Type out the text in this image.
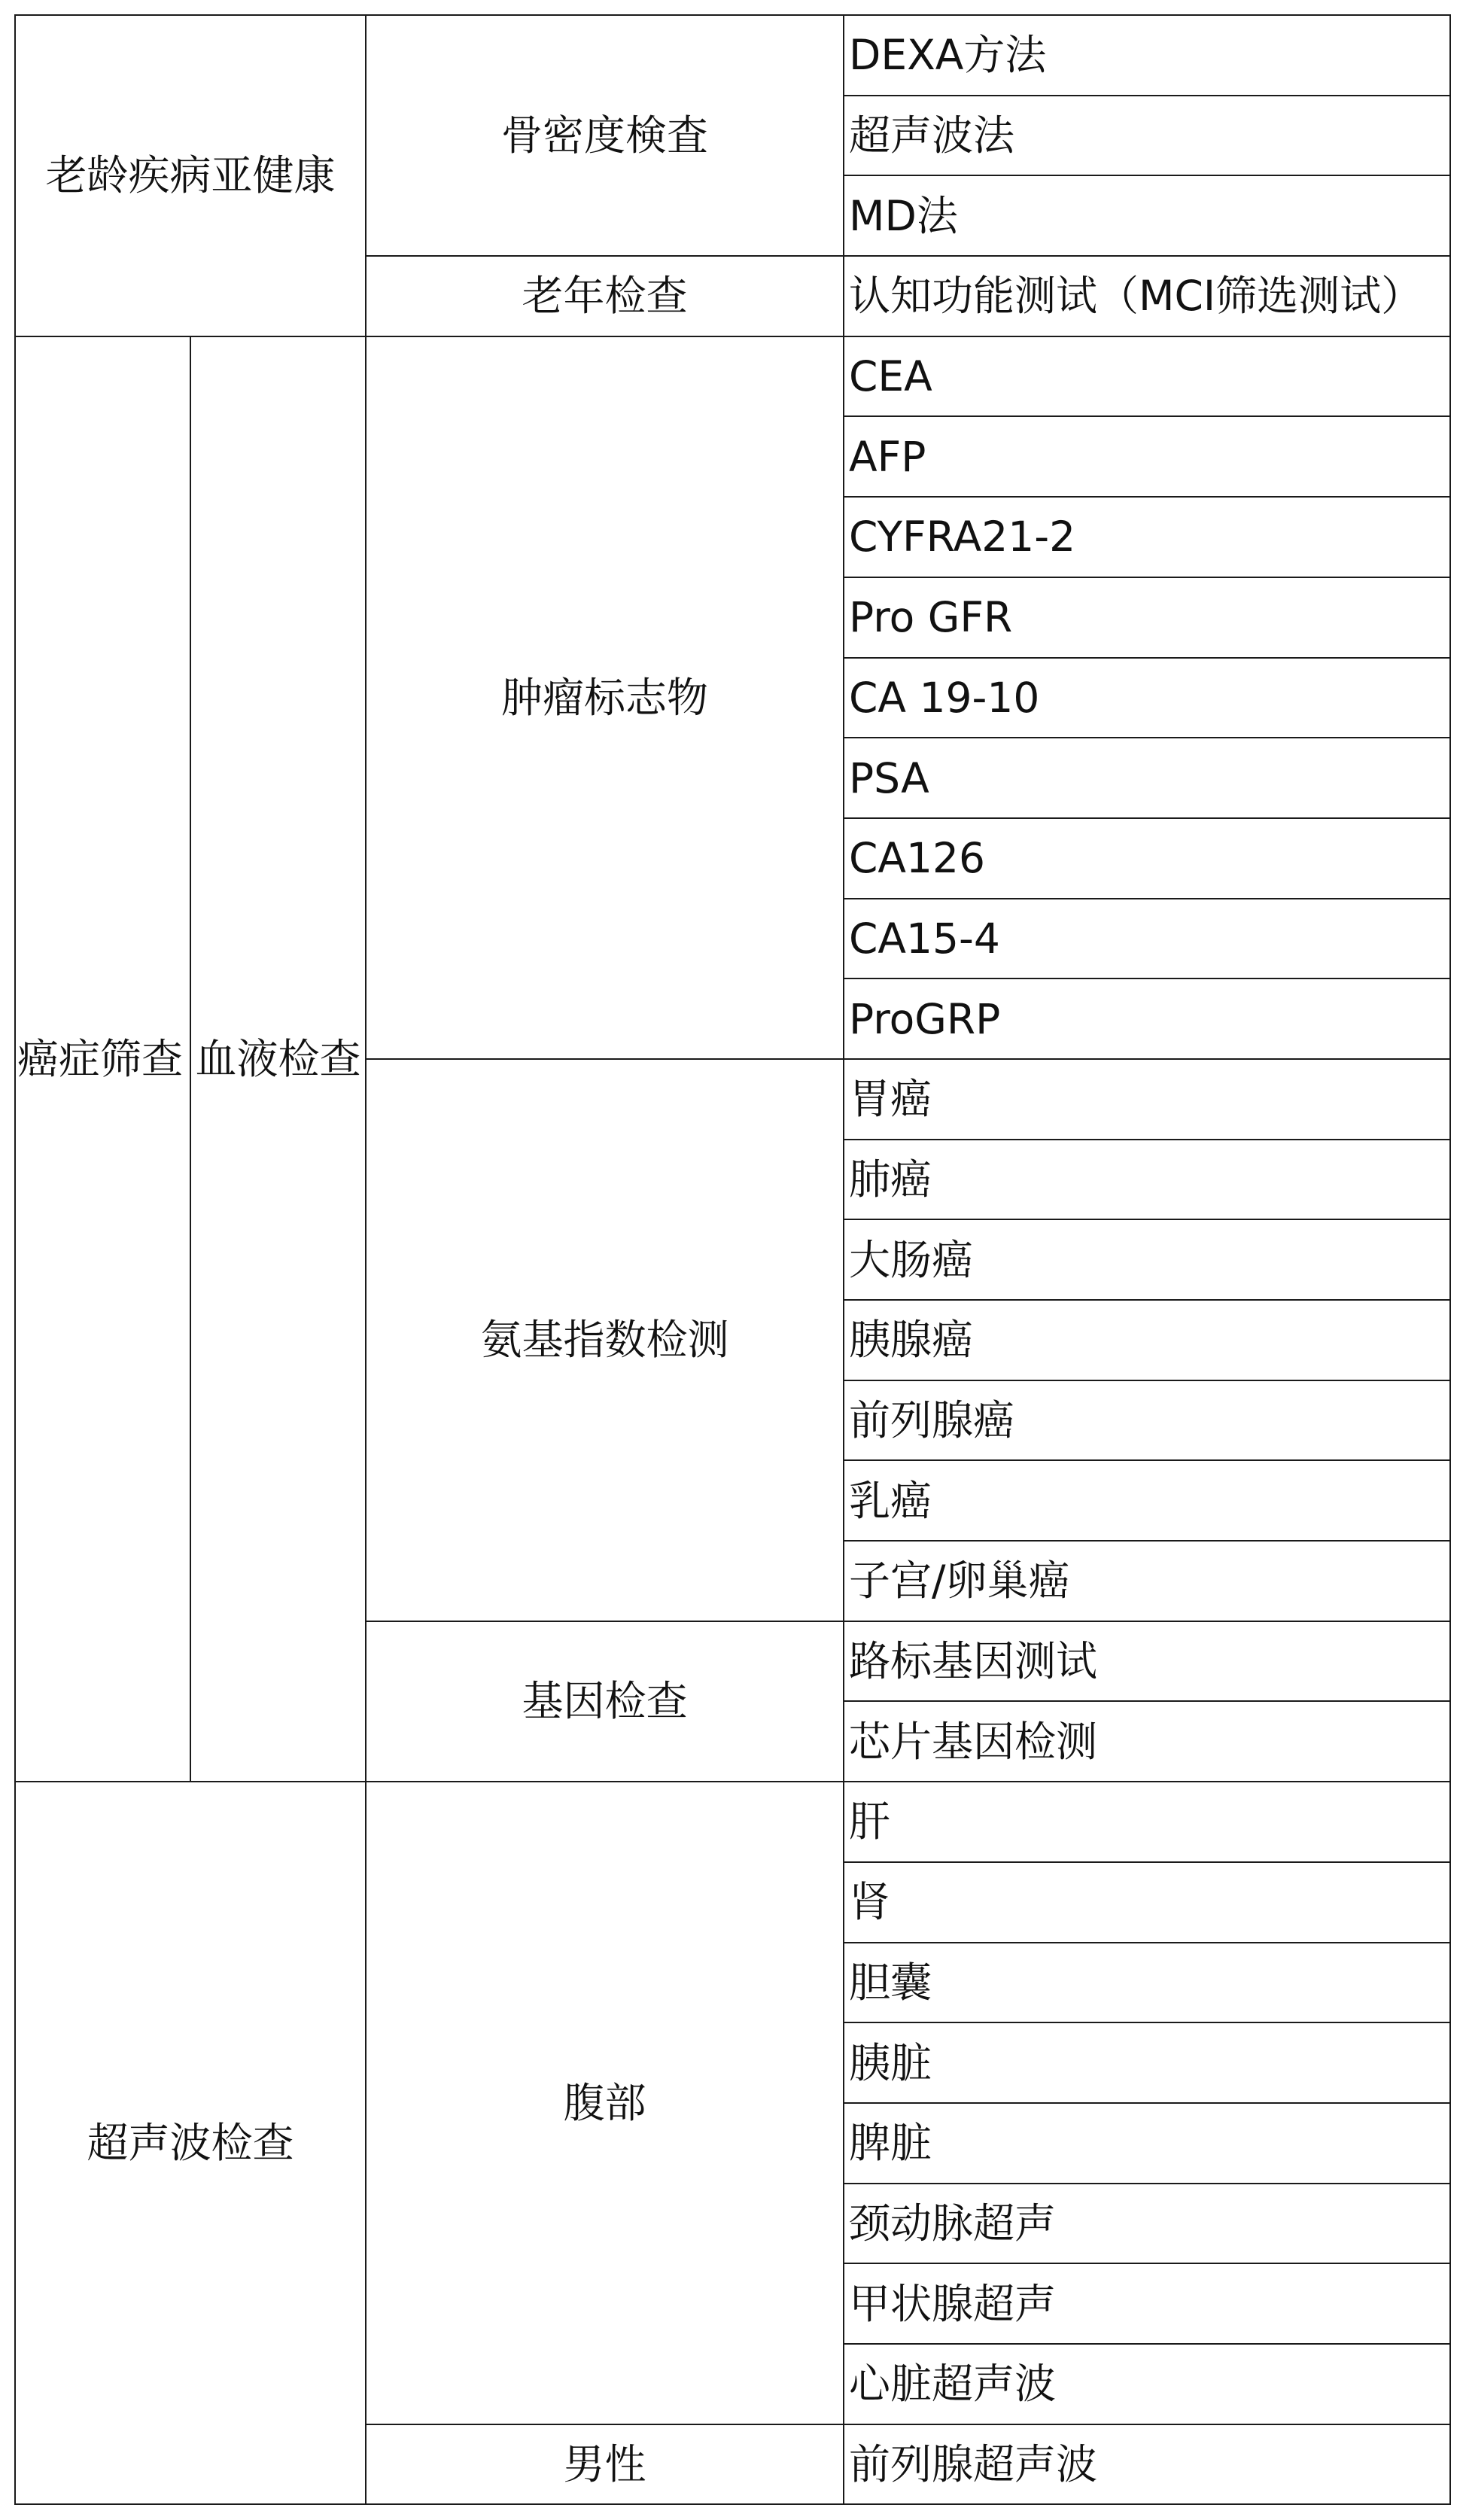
老龄疾病亚健康		骨密度検査	DEXA方法
			超声波法
			MD法
		老年检查	认知功能测试（MCI筛选测试）
癌症筛查	血液检查	肿瘤标志物	CEA
			AFP
			CYFRA21-2
			Pro GFR
			CA 19-10
			PSA
			CA126
			CA15-4
			ProGRP
		氨基指数检测	胃癌
			肺癌
			大肠癌
			胰腺癌
			前列腺癌
			乳癌
			子宫/卵巢癌
		基因检查	路标基因测试
			芯片基因检测
超声波检查		腹部	肝
			肾
			胆囊
			胰脏
			脾脏
			颈动脉超声
			甲状腺超声
			心脏超声波
		男性	前列腺超声波
